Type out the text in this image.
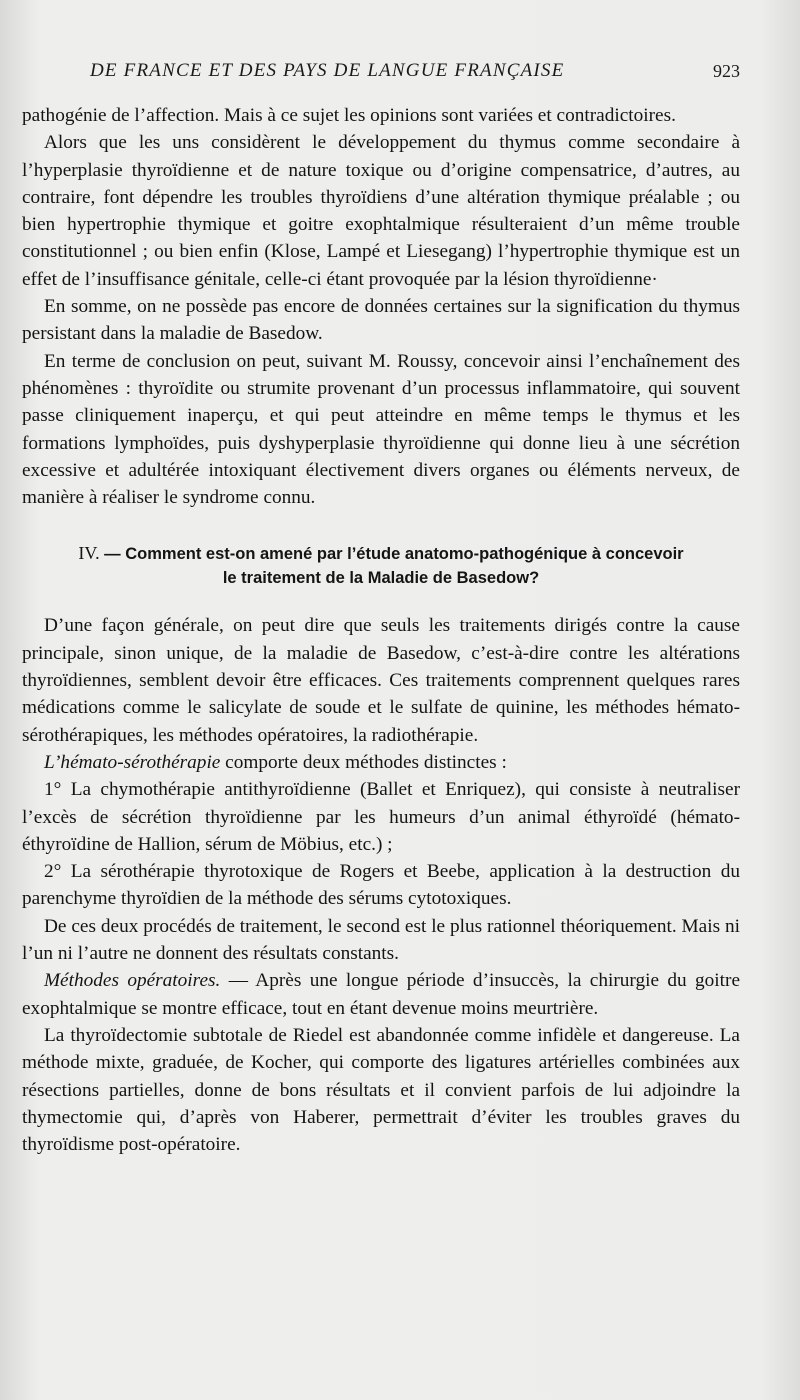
DE FRANCE ET DES PAYS DE LANGUE FRANÇAISE	923

pathogénie de l’affection. Mais à ce sujet les opinions sont variées et contradictoires.

Alors que les uns considèrent le développement du thymus comme secondaire à l’hyperplasie thyroïdienne et de nature toxique ou d’origine compensatrice, d’autres, au contraire, font dépendre les troubles thyroïdiens d’une altération thymique préalable ; ou bien hypertrophie thymique et goitre exophtalmique résulteraient d’un même trouble constitutionnel ; ou bien enfin (Klose, Lampé et Liesegang) l’hypertrophie thymique est un effet de l’insuffisance génitale, celle-ci étant provoquée par la lésion thyroïdienne·

En somme, on ne possède pas encore de données certaines sur la signification du thymus persistant dans la maladie de Basedow.

En terme de conclusion on peut, suivant M. Roussy, concevoir ainsi l’enchaînement des phénomènes : thyroïdite ou strumite provenant d’un processus inflammatoire, qui souvent passe cliniquement inaperçu, et qui peut atteindre en même temps le thymus et les formations lymphoïdes, puis dyshyperplasie thyroïdienne qui donne lieu à une sécrétion excessive et adultérée intoxiquant électivement divers organes ou éléments nerveux, de manière à réaliser le syndrome connu.

IV. — Comment est-on amené par l’étude anatomo-pathogénique à concevoir
le traitement de la Maladie de Basedow?

D’une façon générale, on peut dire que seuls les traitements dirigés contre la cause principale, sinon unique, de la maladie de Basedow, c’est-à-dire contre les altérations thyroïdiennes, semblent devoir être efficaces. Ces traitements comprennent quelques rares médications comme le salicylate de soude et le sulfate de quinine, les méthodes hémato-sérothérapiques, les méthodes opératoires, la radiothérapie.

L’hémato-sérothérapie comporte deux méthodes distinctes :

1° La chymothérapie antithyroïdienne (Ballet et Enriquez), qui consiste à neutraliser l’excès de sécrétion thyroïdienne par les humeurs d’un animal éthyroïdé (hémato-éthyroïdine de Hallion, sérum de Möbius, etc.) ;

2° La sérothérapie thyrotoxique de Rogers et Beebe, application à la destruction du parenchyme thyroïdien de la méthode des sérums cytotoxiques.

De ces deux procédés de traitement, le second est le plus rationnel théoriquement. Mais ni l’un ni l’autre ne donnent des résultats constants.

Méthodes opératoires. — Après une longue période d’insuccès, la chirurgie du goitre exophtalmique se montre efficace, tout en étant devenue moins meurtrière.

La thyroïdectomie subtotale de Riedel est abandonnée comme infidèle et dangereuse. La méthode mixte, graduée, de Kocher, qui comporte des ligatures artérielles combinées aux résections partielles, donne de bons résultats et il convient parfois de lui adjoindre la thymectomie qui, d’après von Haberer, permettrait d’éviter les troubles graves du thyroïdisme post-opératoire.
